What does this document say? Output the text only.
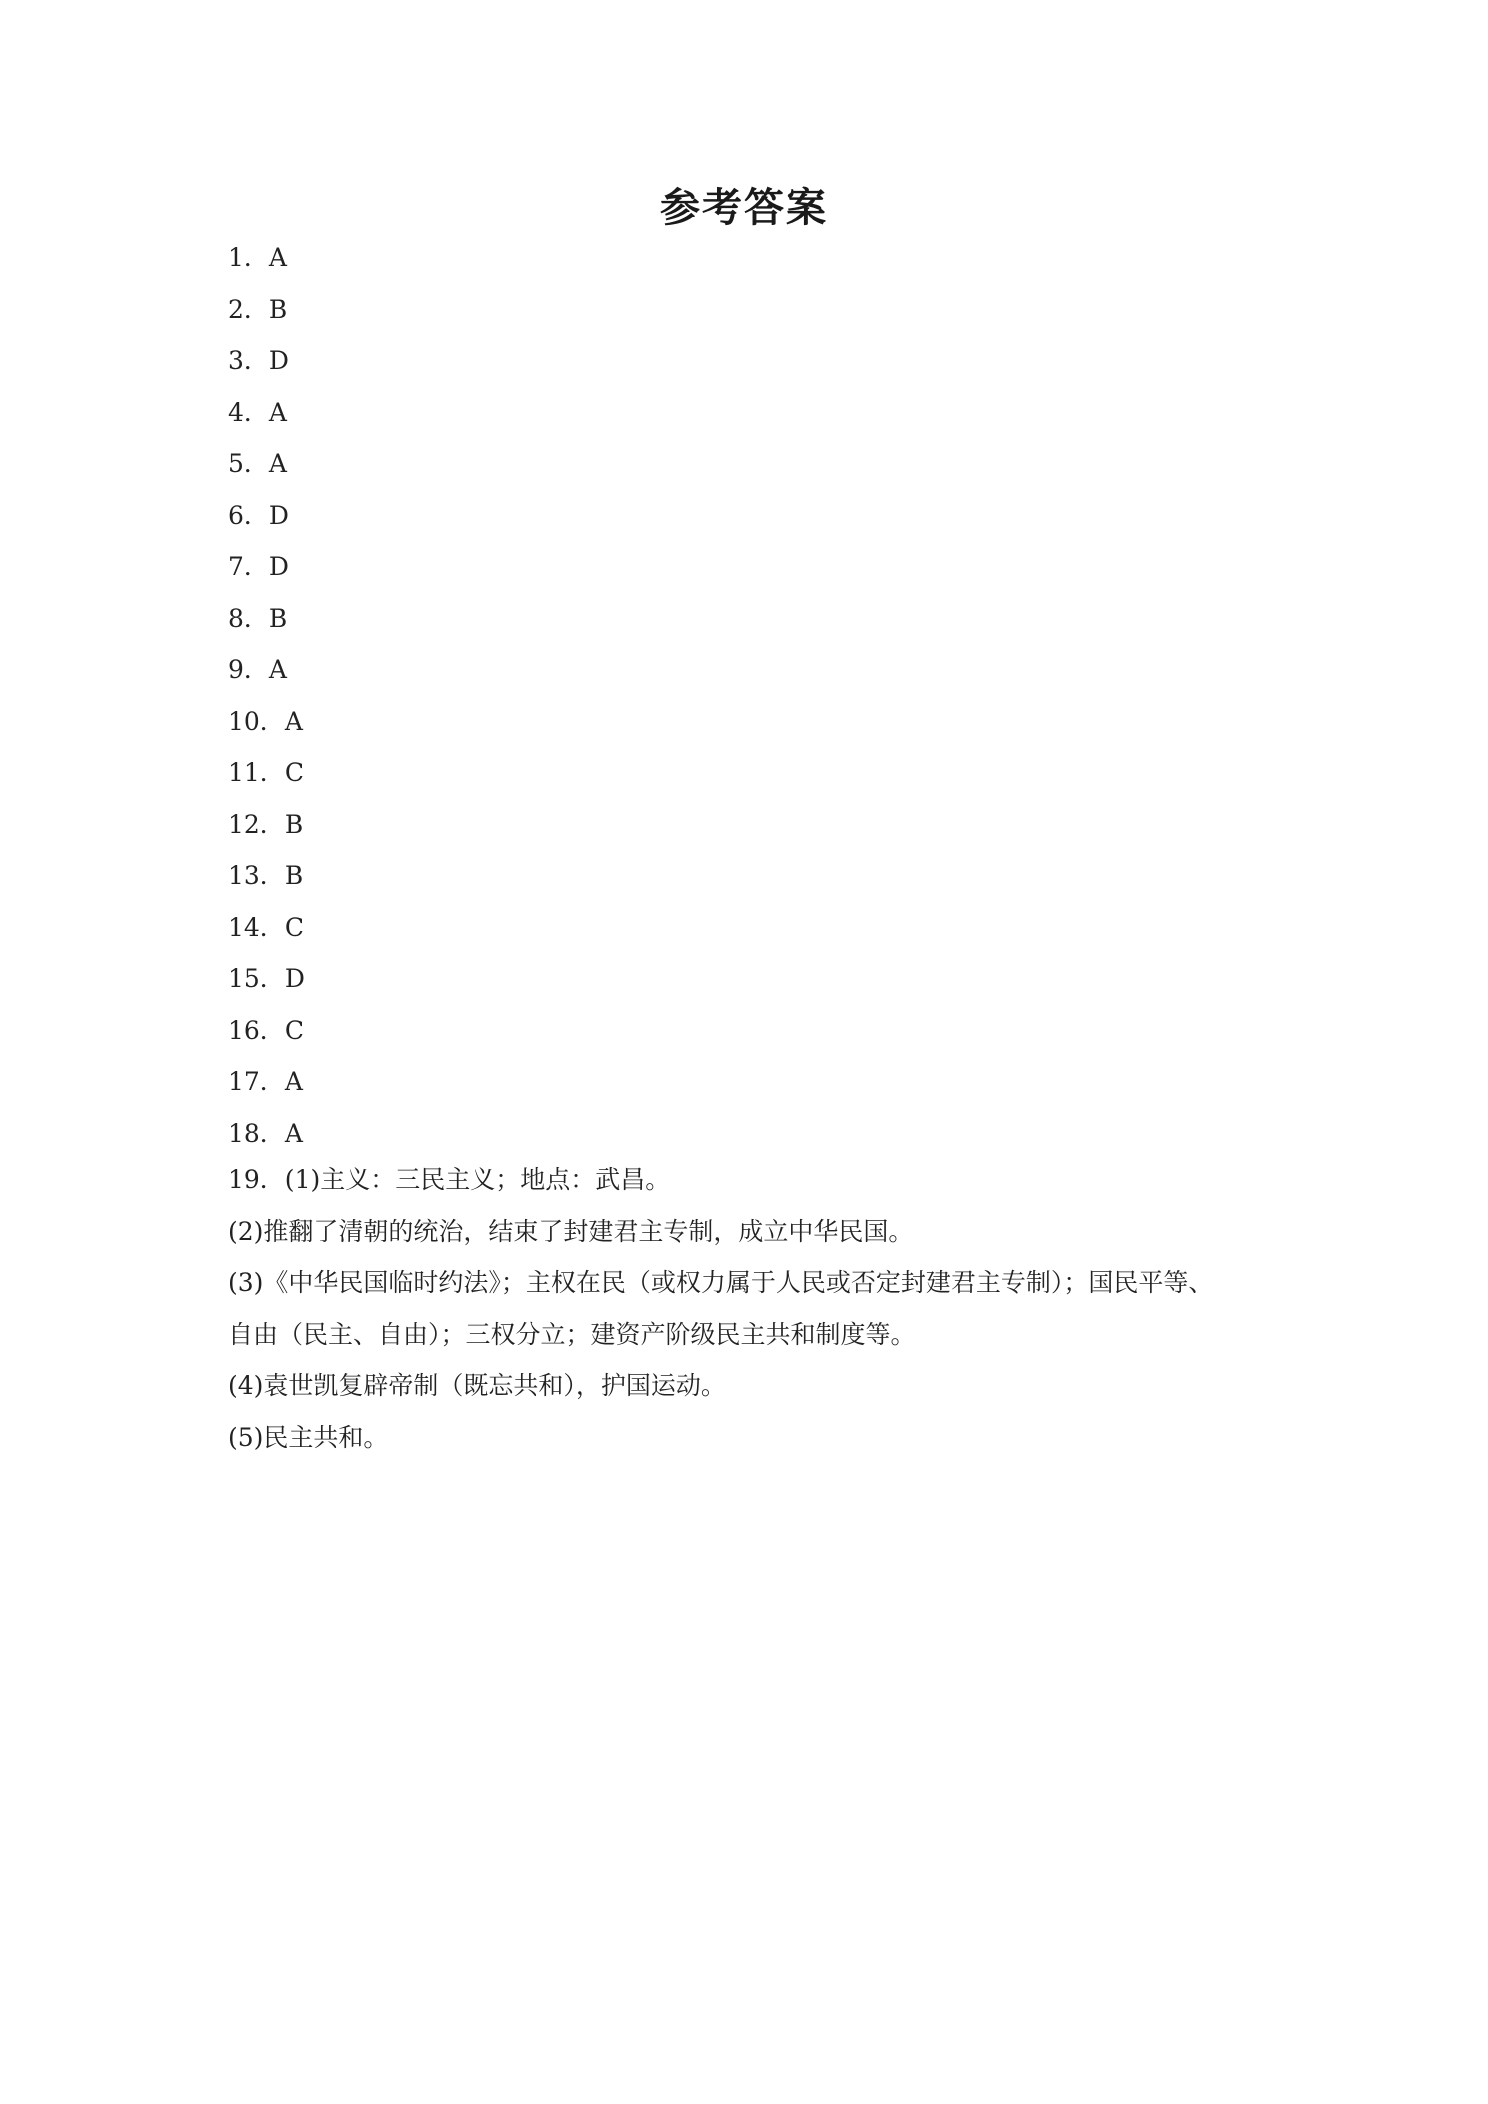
参考答案
1．A
2．B
3．D
4．A
5．A
6．D
7．D
8．B
9．A
10．A
11．C
12．B
13．B
14．C
15．D
16．C
17．A
18．A

19．(1)主义：三民主义；地点：武昌。

(2)推翻了清朝的统治，结束了封建君主专制，成立中华民国。

(3)《中华民国临时约法》；主权在民（或权力属于人民或否定封建君主专制）；国民平等、

自由（民主、自由）；三权分立；建资产阶级民主共和制度等。

(4)袁世凯复辟帝制（既忘共和），护国运动。

(5)民主共和。
